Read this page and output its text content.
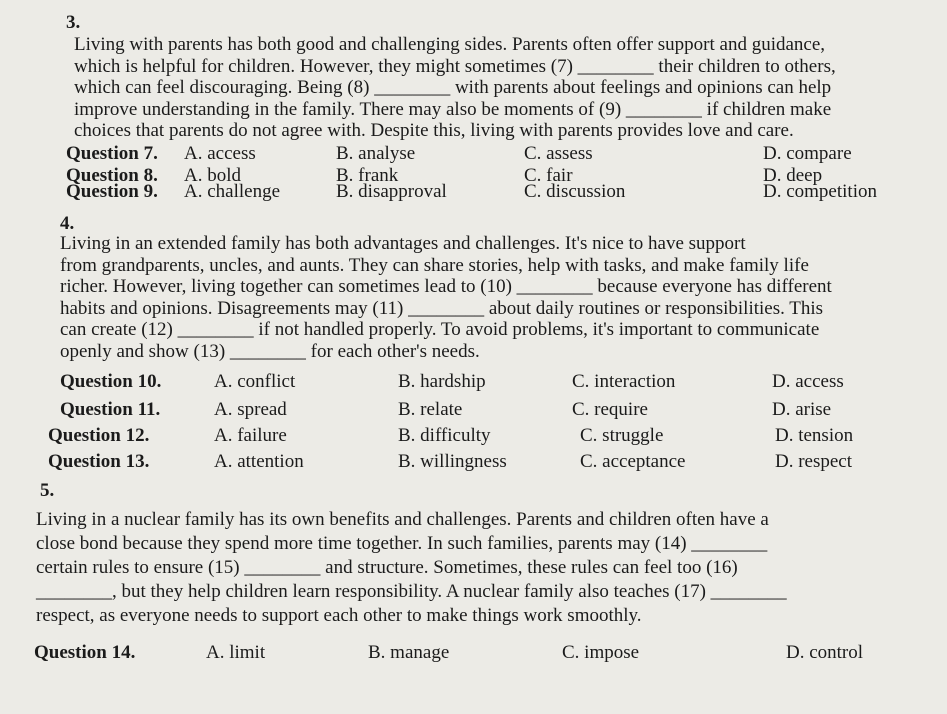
3.
Living with parents has both good and challenging sides. Parents often offer support and guidance,
which is helpful for children. However, they might sometimes (7) ________ their children to others,
which can feel discouraging. Being (8) ________ with parents about feelings and opinions can help
improve understanding in the family. There may also be moments of (9) ________ if children make
choices that parents do not agree with. Despite this, living with parents provides love and care.
Question 7. A. access	B. analyse	C. assess	D. compare
Question 8. A. bold	B. frank	C. fair	D. deep
Question 9. A. challenge	B. disapproval	C. discussion	D. competition
4.
Living in an extended family has both advantages and challenges. It's nice to have support
from grandparents, uncles, and aunts. They can share stories, help with tasks, and make family life
richer. However, living together can sometimes lead to (10) ________ because everyone has different
habits and opinions. Disagreements may (11) ________ about daily routines or responsibilities. This
can create (12) ________ if not handled properly. To avoid problems, it's important to communicate
openly and show (13) ________ for each other's needs.
Question 10.	A. conflict	B. hardship	C. interaction	D. access
Question 11.	A. spread	B. relate	C. require	D. arise
Question 12.	A. failure	B. difficulty	C. struggle	D. tension
Question 13.	A. attention	B. willingness	C. acceptance	D. respect
5.
Living in a nuclear family has its own benefits and challenges. Parents and children often have a
close bond because they spend more time together. In such families, parents may (14) ________
certain rules to ensure (15) ________ and structure. Sometimes, these rules can feel too (16)
________, but they help children learn responsibility. A nuclear family also teaches (17) ________
respect, as everyone needs to support each other to make things work smoothly.
Question 14.	A. limit	B. manage	C. impose	D. control
